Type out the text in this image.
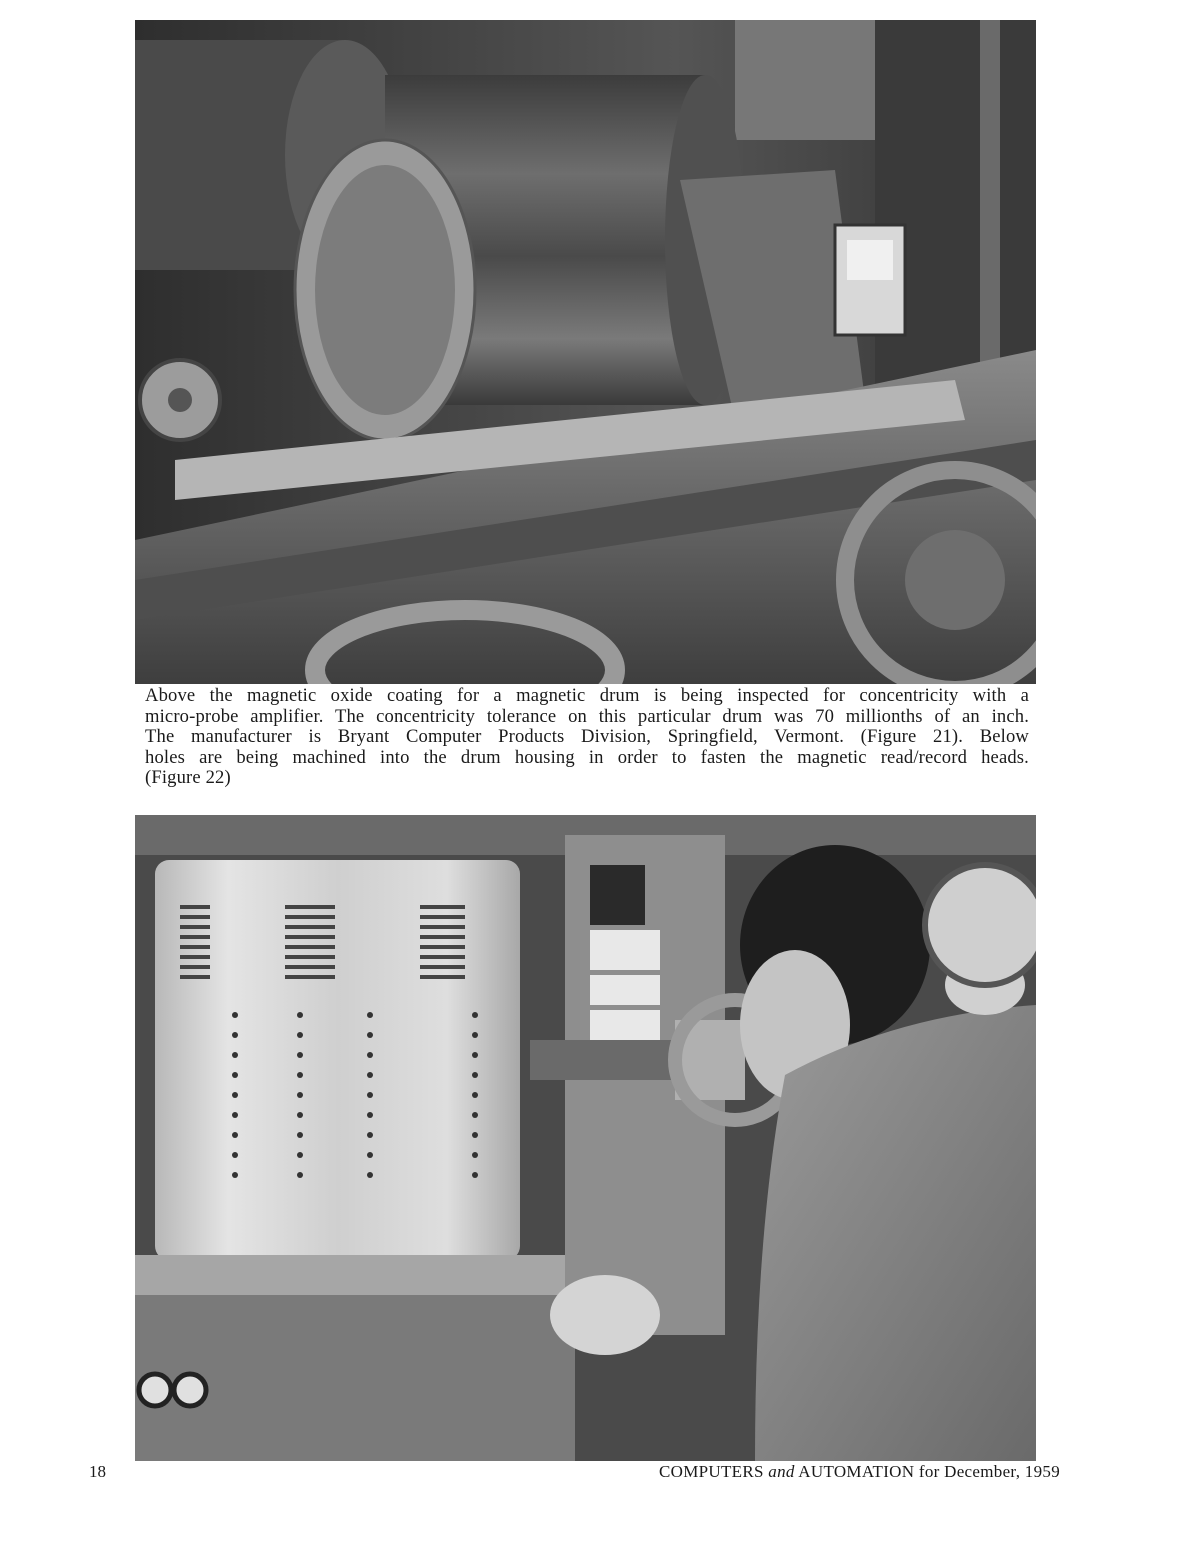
Above the magnetic oxide coating for a magnetic drum is being inspected for concentricity with a
micro-probe amplifier. The concentricity tolerance on this particular drum was 70 millionths of an inch.
The manufacturer is Bryant Computer Products Division, Springfield, Vermont. (Figure 21). Below
holes are being machined into the drum housing in order to fasten the magnetic read/record heads.
(Figure 22)
18	COMPUTERS and AUTOMATION for December, 1959
